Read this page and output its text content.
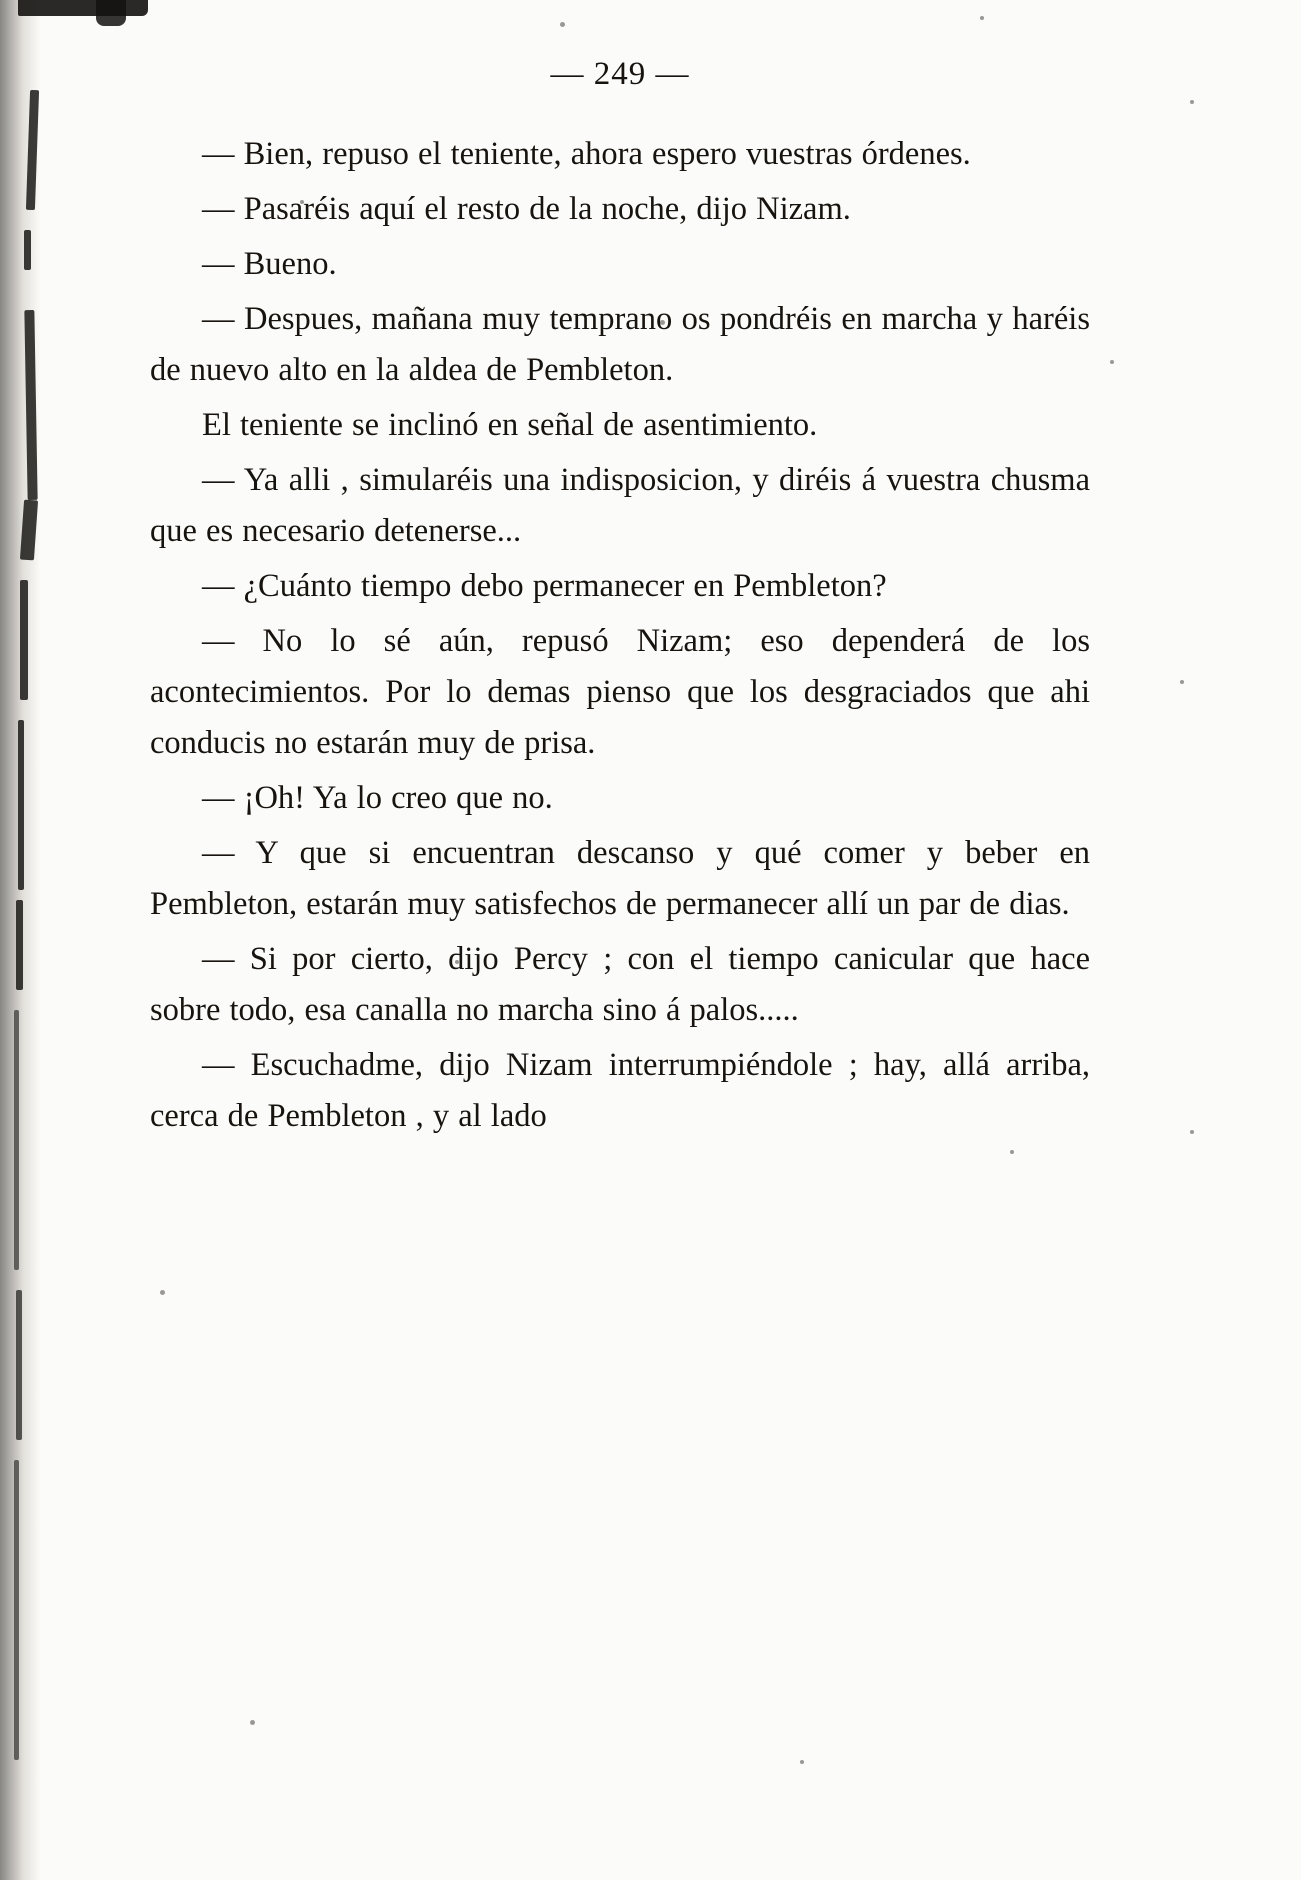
— 249 —

— Bien, repuso el teniente, ahora espero vuestras órdenes.

— Pasaréis aquí el resto de la noche, dijo Nizam.

— Bueno.

— Despues, mañana muy temprano os pondréis en marcha y haréis de nuevo alto en la aldea de Pembleton.

El teniente se inclinó en señal de asentimiento.

— Ya alli , simularéis una indisposicion, y diréis á vuestra chusma que es necesario detenerse...

— ¿Cuánto tiempo debo permanecer en Pembleton?

— No lo sé aún, repusó Nizam; eso dependerá de los acontecimientos. Por lo demas pienso que los desgraciados que ahi conducis no estarán muy de prisa.

— ¡Oh! Ya lo creo que no.

— Y que si encuentran descanso y qué comer y beber en Pembleton, estarán muy satisfechos de permanecer allí un par de dias.

— Si por cierto, dijo Percy ; con el tiempo canicular que hace sobre todo, esa canalla no marcha sino á palos.....

— Escuchadme, dijo Nizam interrumpiéndole ; hay, allá arriba, cerca de Pembleton , y al lado
